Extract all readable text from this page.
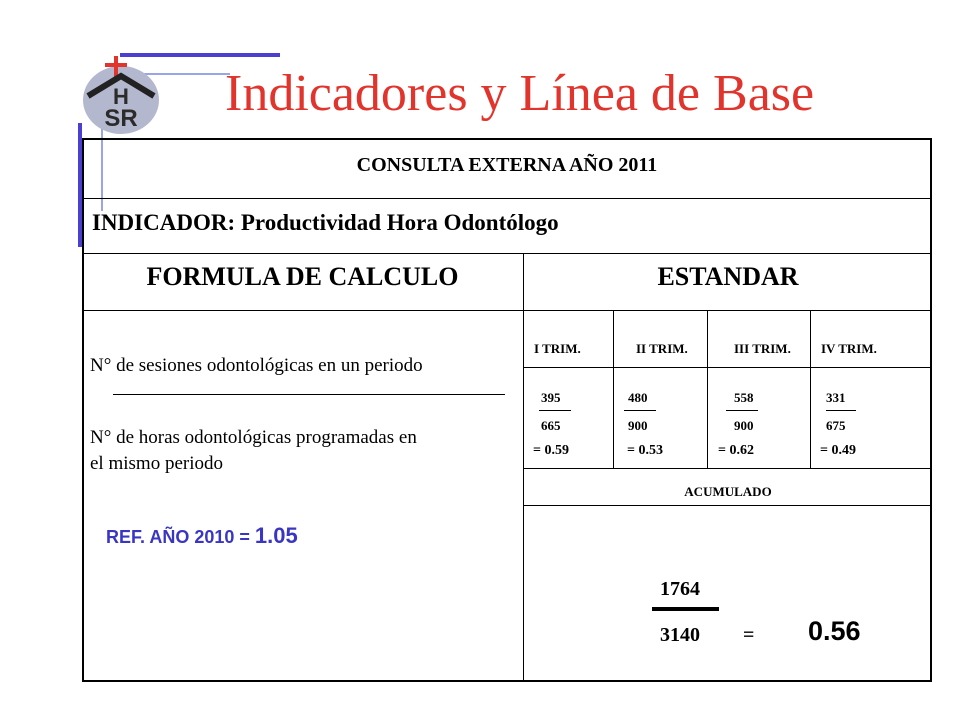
H
SR Indicadores y Línea de Base
CONSULTA EXTERNA AÑO 2011
INDICADOR: Productividad Hora Odontólogo
FORMULA DE CALCULO	ESTANDAR
N° de sesiones odontológicas en un periodo
N° de horas odontológicas programadas en
el mismo periodo
REF. AÑO 2010 = 1.05
I TRIM.	II TRIM.	III TRIM. IV TRIM.
395	480	558	331
665	900	900	675
= 0.59	= 0.53	= 0.62	= 0.49
ACUMULADO
1764
3140 = 0.56
